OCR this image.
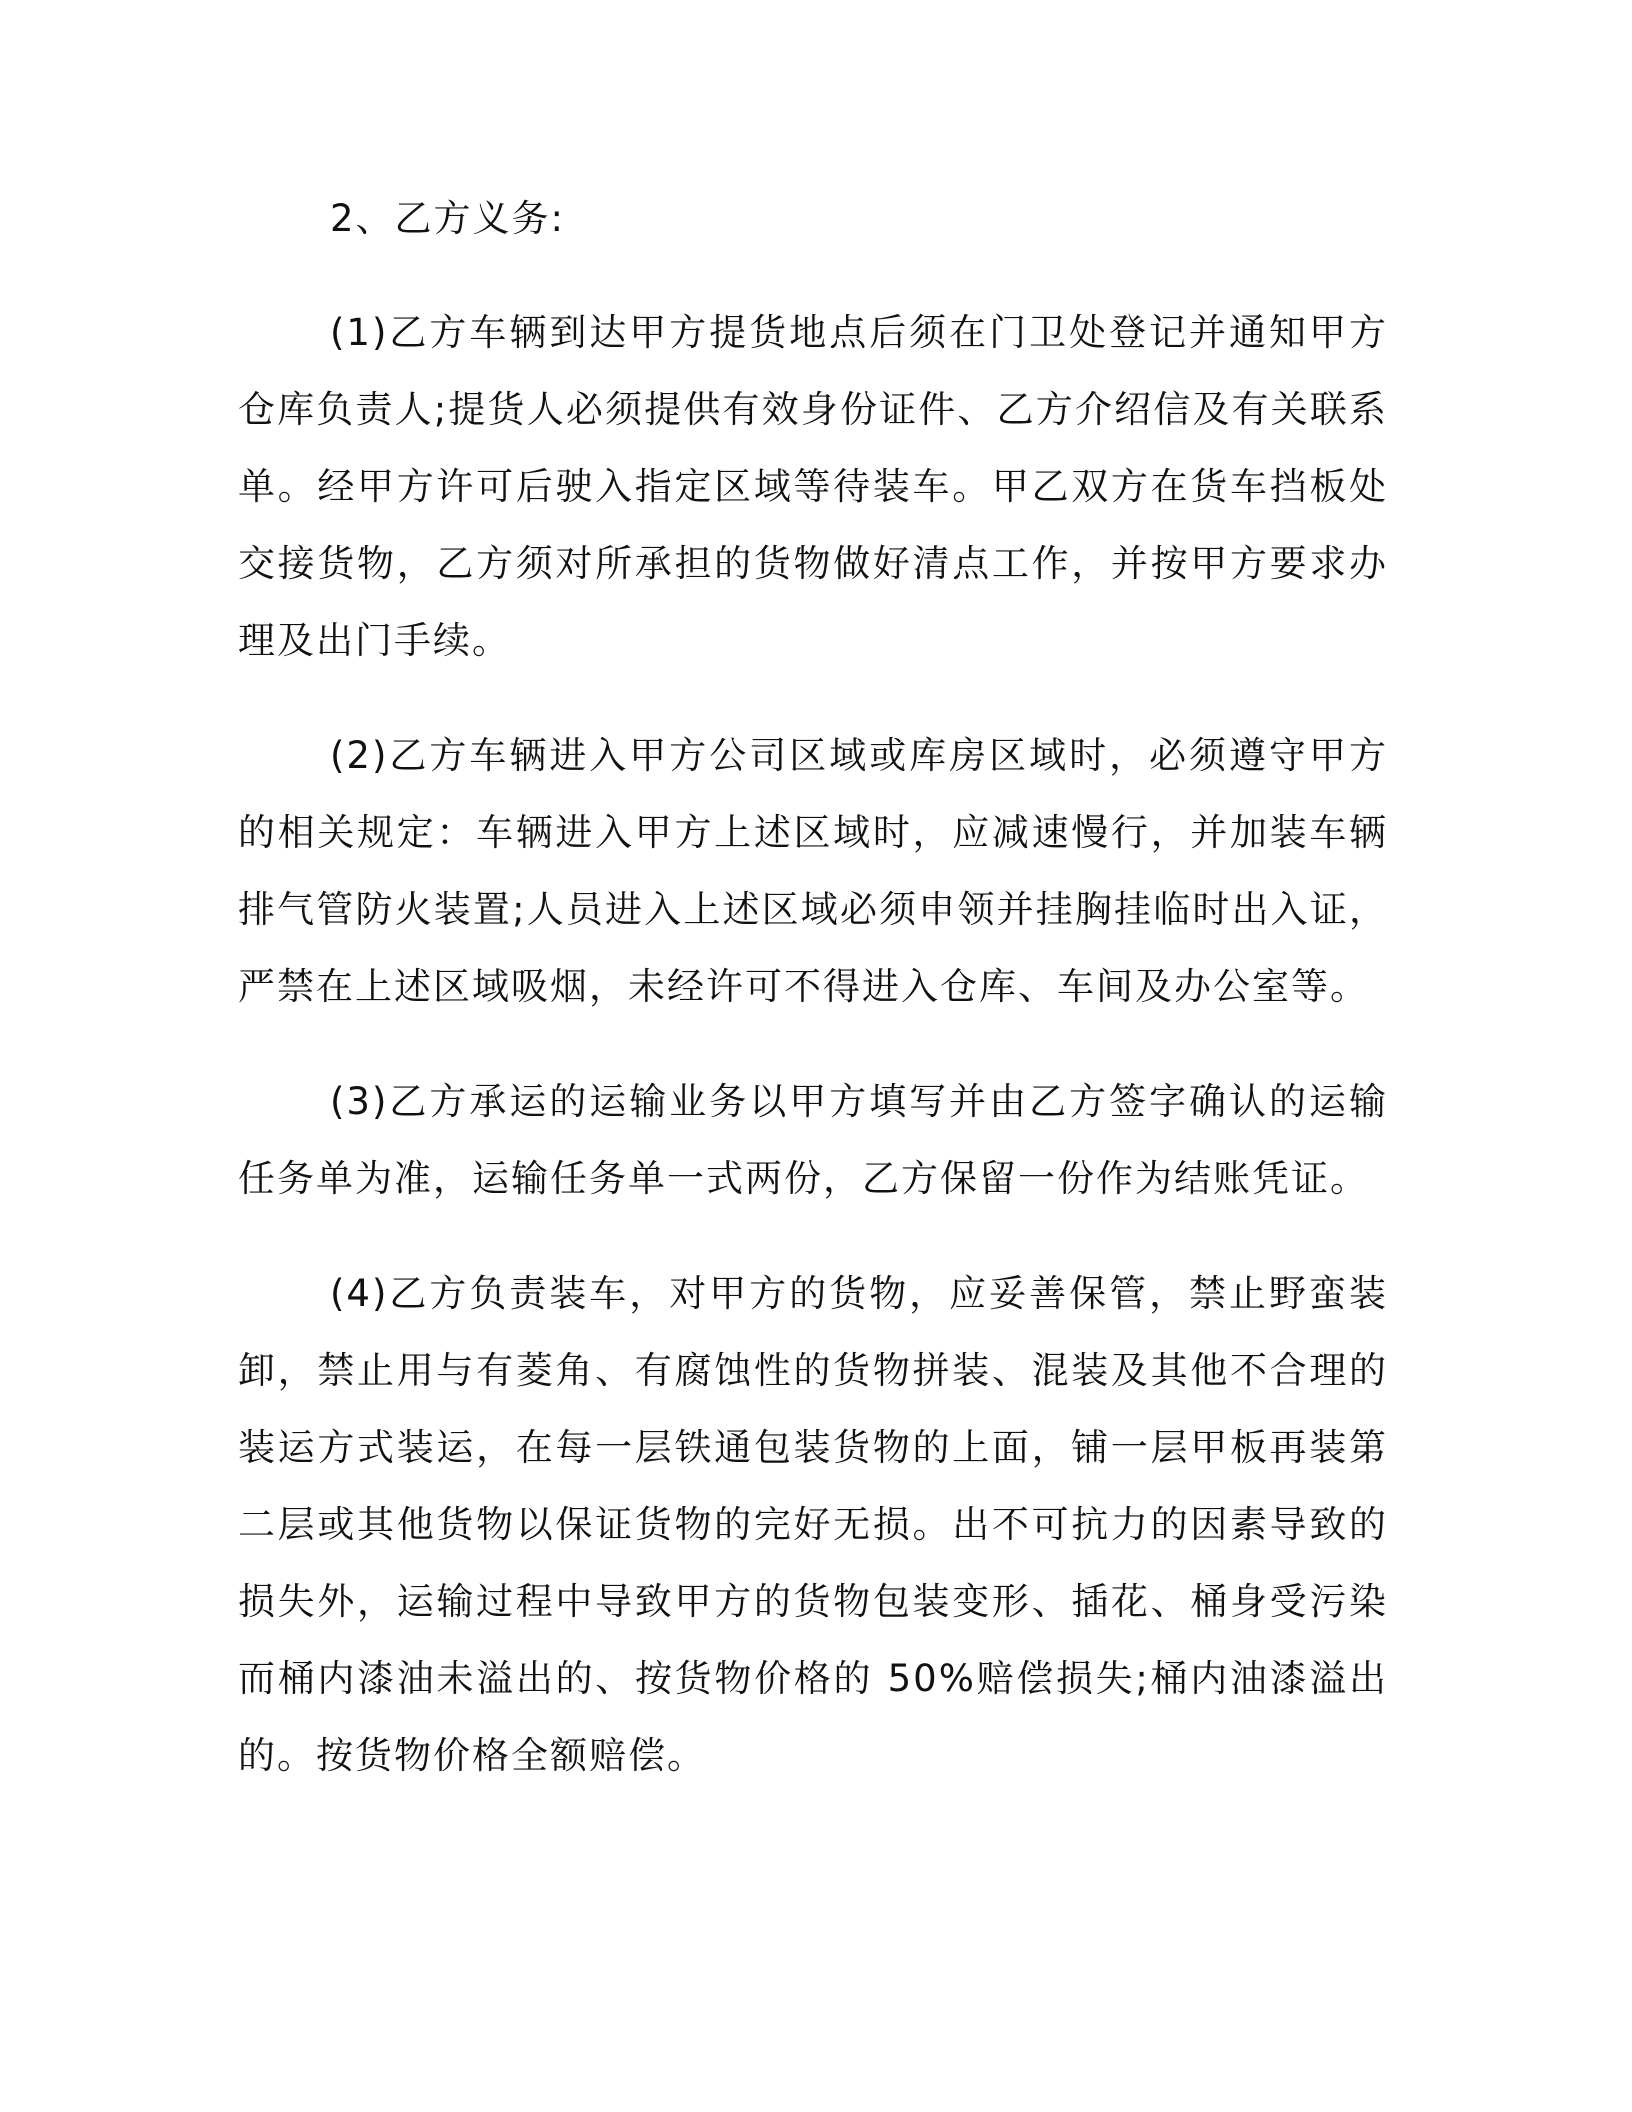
2、乙方义务:

(1)乙方车辆到达甲方提货地点后须在门卫处登记并通知甲方仓库负责人;提货人必须提供有效身份证件、乙方介绍信及有关联系单。经甲方许可后驶入指定区域等待装车。甲乙双方在货车挡板处交接货物，乙方须对所承担的货物做好清点工作，并按甲方要求办理及出门手续。

(2)乙方车辆进入甲方公司区域或库房区域时，必须遵守甲方的相关规定：车辆进入甲方上述区域时，应减速慢行，并加装车辆排气管防火装置;人员进入上述区域必须申领并挂胸挂临时出入证，严禁在上述区域吸烟，未经许可不得进入仓库、车间及办公室等。

(3)乙方承运的运输业务以甲方填写并由乙方签字确认的运输任务单为准，运输任务单一式两份，乙方保留一份作为结账凭证。

(4)乙方负责装车，对甲方的货物，应妥善保管，禁止野蛮装卸，禁止用与有菱角、有腐蚀性的货物拼装、混装及其他不合理的装运方式装运，在每一层铁通包装货物的上面，铺一层甲板再装第二层或其他货物以保证货物的完好无损。出不可抗力的因素导致的损失外，运输过程中导致甲方的货物包装变形、插花、桶身受污染而桶内漆油未溢出的、按货物价格的 50%赔偿损失;桶内油漆溢出的。按货物价格全额赔偿。
